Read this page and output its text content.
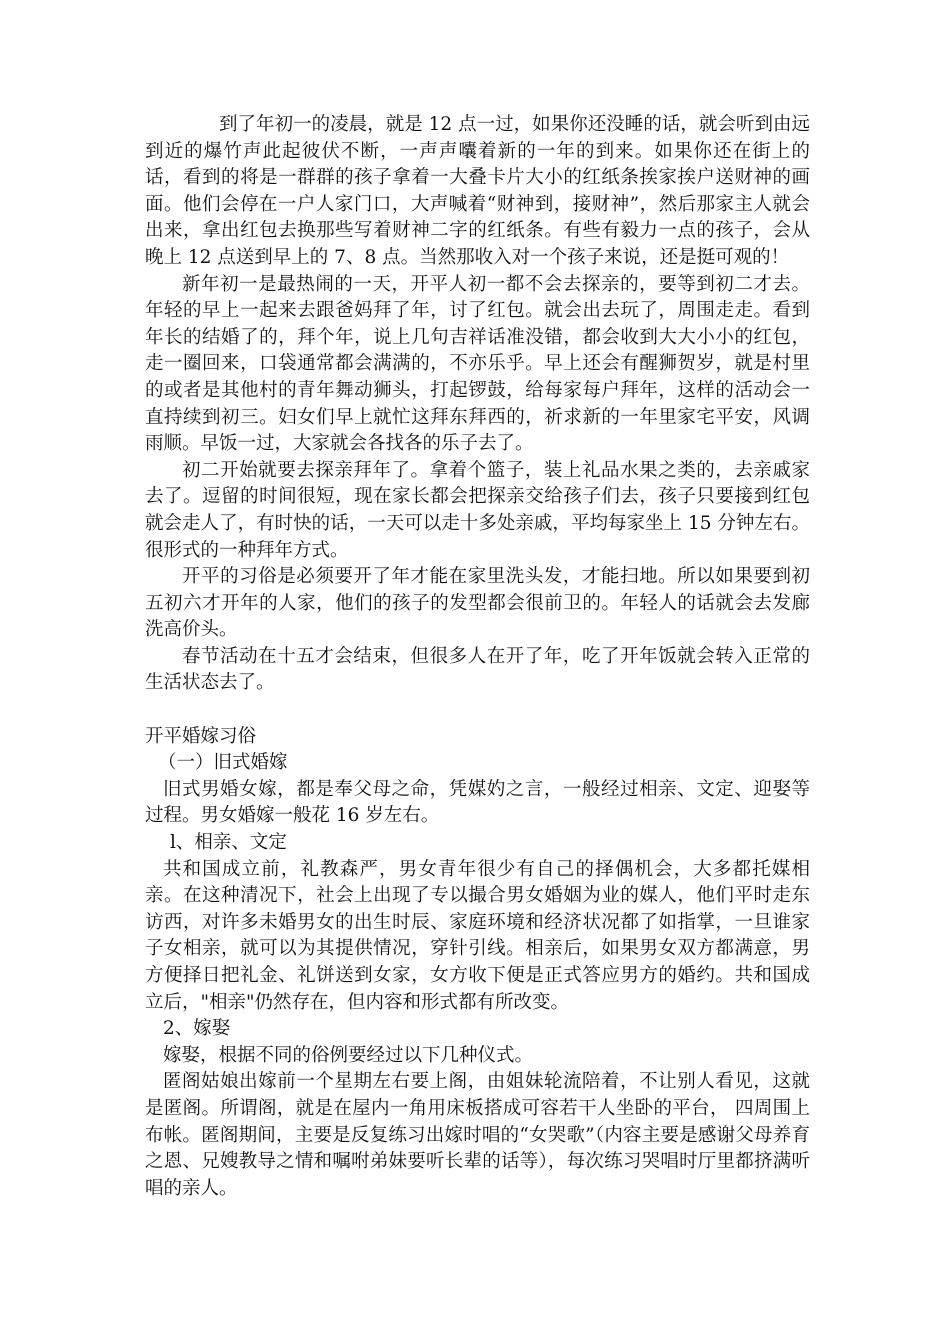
到了年初一的凌晨，就是 12 点一过，如果你还没睡的话，就会听到由远到近的爆竹声此起彼伏不断，一声声囔着新的一年的到来。如果你还在街上的话，看到的将是一群群的孩子拿着一大叠卡片大小的红纸条挨家挨户送财神的画面。他们会停在一户人家门口，大声喊着“财神到，接财神”，然后那家主人就会出来，拿出红包去换那些写着财神二字的红纸条。有些有毅力一点的孩子，会从晚上 12 点送到早上的 7、8 点。当然那收入对一个孩子来说，还是挺可观的！

新年初一是最热闹的一天，开平人初一都不会去探亲的，要等到初二才去。年轻的早上一起来去跟爸妈拜了年，讨了红包。就会出去玩了，周围走走。看到年长的结婚了的，拜个年，说上几句吉祥话准没错，都会收到大大小小的红包，走一圈回来，口袋通常都会满满的，不亦乐乎。早上还会有醒狮贺岁，就是村里的或者是其他村的青年舞动狮头，打起锣鼓，给每家每户拜年，这样的活动会一直持续到初三。妇女们早上就忙这拜东拜西的，祈求新的一年里家宅平安，风调雨顺。早饭一过，大家就会各找各的乐子去了。

初二开始就要去探亲拜年了。拿着个篮子，装上礼品水果之类的，去亲戚家去了。逗留的时间很短，现在家长都会把探亲交给孩子们去，孩子只要接到红包就会走人了，有时快的话，一天可以走十多处亲戚，平均每家坐上 15 分钟左右。很形式的一种拜年方式。

开平的习俗是必须要开了年才能在家里洗头发，才能扫地。所以如果要到初五初六才开年的人家，他们的孩子的发型都会很前卫的。年轻人的话就会去发廊洗高价头。

春节活动在十五才会结束，但很多人在开了年，吃了开年饭就会转入正常的生活状态去了。

开平婚嫁习俗

（一）旧式婚嫁

旧式男婚女嫁，都是奉父母之命，凭媒妁之言，一般经过相亲、文定、迎娶等过程。男女婚嫁一般花 16 岁左右。

l、相亲、文定

共和国成立前，礼教森严，男女青年很少有自己的择偶机会，大多都托媒相亲。在这种清况下，社会上出现了专以撮合男女婚姻为业的媒人，他们平时走东访西，对许多未婚男女的出生时辰、家庭环境和经济状况都了如指掌，一旦谁家子女相亲，就可以为其提供情况，穿针引线。相亲后，如果男女双方都满意，男方便择日把礼金、礼饼送到女家，女方收下便是正式答应男方的婚约。共和国成立后，"相亲"仍然存在，但内容和形式都有所改变。

2、嫁娶

嫁娶，根据不同的俗例要经过以下几种仪式。

匿阁姑娘出嫁前一个星期左右要上阁，由姐妹轮流陪着，不让别人看见，这就是匿阁。所谓阁，就是在屋内一角用床板搭成可容若干人坐卧的平台， 四周围上布帐。匿阁期间，主要是反复练习出嫁时唱的“女哭歌”（内容主要是感谢父母养育之恩、兄嫂教导之情和嘱咐弟妹要听长辈的话等），每次练习哭唱时厅里都挤满听唱的亲人。
